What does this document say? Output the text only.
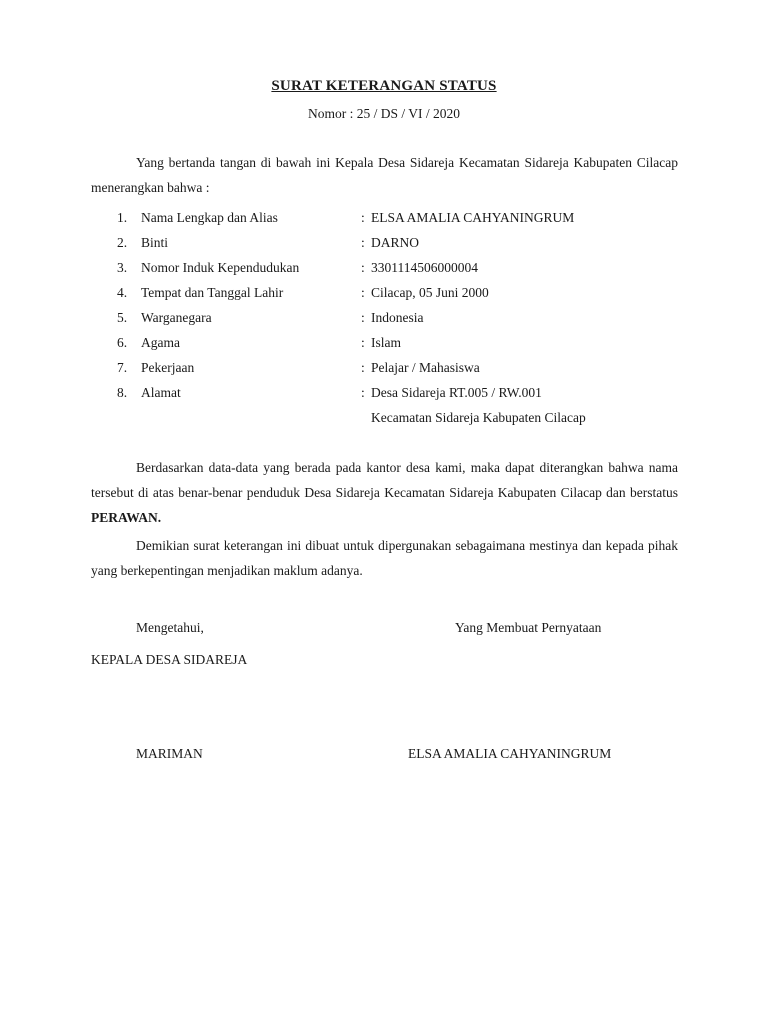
SURAT KETERANGAN STATUS
Nomor : 25 / DS / VI / 2020
Yang bertanda tangan di bawah ini Kepala Desa Sidareja Kecamatan Sidareja Kabupaten Cilacap menerangkan bahwa :
1. Nama Lengkap dan Alias	: ELSA AMALIA CAHYANINGRUM
2. Binti	: DARNO
3. Nomor Induk Kependudukan	: 3301114506000004
4. Tempat dan Tanggal Lahir	: Cilacap, 05 Juni 2000
5. Warganegara	: Indonesia
6. Agama	: Islam
7. Pekerjaan	: Pelajar / Mahasiswa
8. Alamat	: Desa Sidareja RT.005 / RW.001
Kecamatan Sidareja Kabupaten Cilacap
Berdasarkan data-data yang berada pada kantor desa kami, maka dapat diterangkan bahwa nama tersebut di atas benar-benar penduduk Desa Sidareja Kecamatan Sidareja Kabupaten Cilacap dan berstatus PERAWAN.
Demikian surat keterangan ini dibuat untuk dipergunakan sebagaimana mestinya dan kepada pihak yang berkepentingan menjadikan maklum adanya.
Mengetahui,	Yang Membuat Pernyataan
KEPALA DESA SIDAREJA
MARIMAN	ELSA AMALIA CAHYANINGRUM
